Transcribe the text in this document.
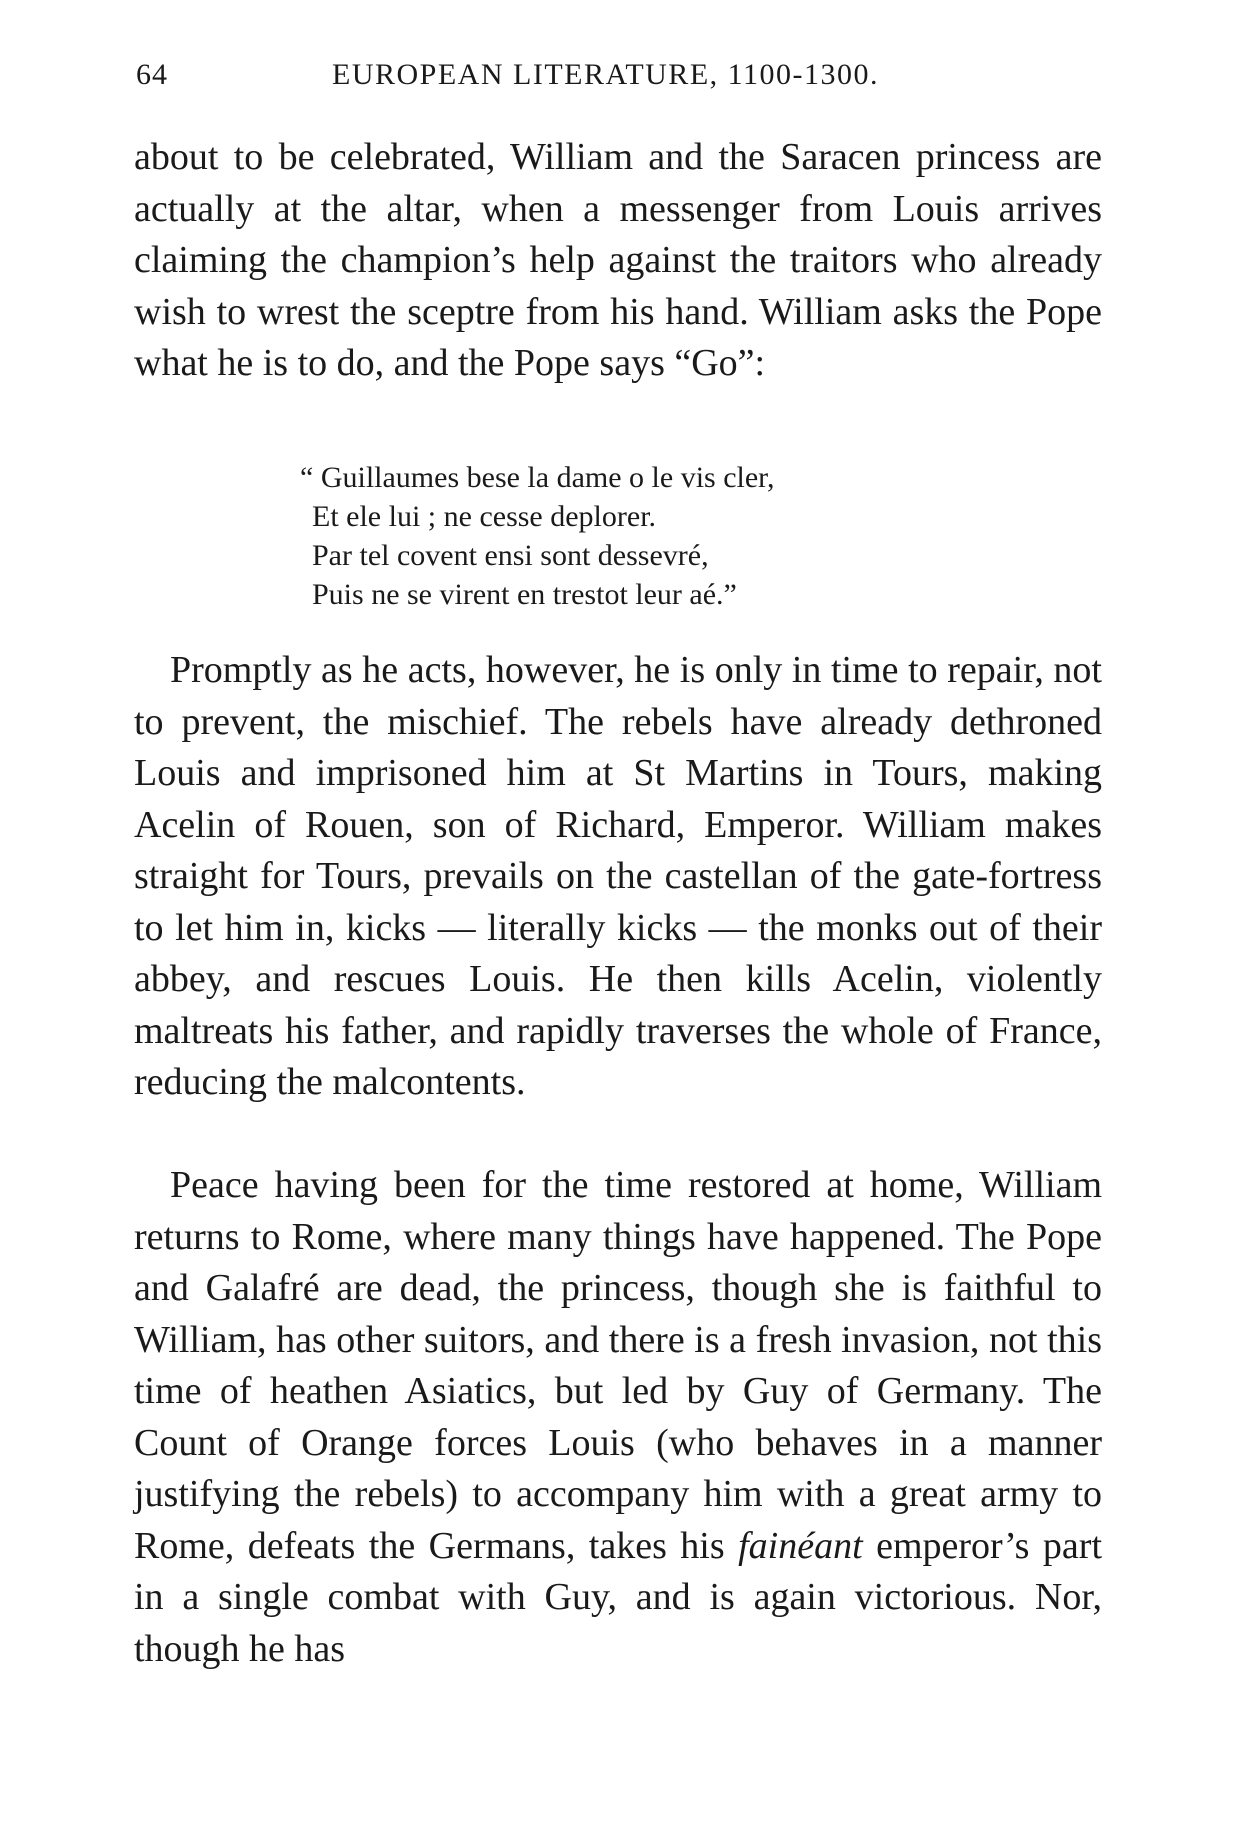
64	EUROPEAN LITERATURE, 1100-1300.

about to be celebrated, William and the Saracen princess are actually at the altar, when a messenger from Louis arrives claiming the champion’s help against the traitors who already wish to wrest the sceptre from his hand. William asks the Pope what he is to do, and the Pope says “Go”:

“ Guillaumes bese la dame o le vis cler,
Et ele lui ; ne cesse deplorer.
Par tel covent ensi sont dessevré,
Puis ne se virent en trestot leur aé.”

Promptly as he acts, however, he is only in time to repair, not to prevent, the mischief. The rebels have already dethroned Louis and imprisoned him at St Martins in Tours, making Acelin of Rouen, son of Richard, Emperor. William makes straight for Tours, prevails on the castellan of the gate-fortress to let him in, kicks — literally kicks — the monks out of their abbey, and rescues Louis. He then kills Acelin, violently maltreats his father, and rapidly traverses the whole of France, reducing the malcontents.

Peace having been for the time restored at home, William returns to Rome, where many things have happened. The Pope and Galafré are dead, the princess, though she is faithful to William, has other suitors, and there is a fresh invasion, not this time of heathen Asiatics, but led by Guy of Germany. The Count of Orange forces Louis (who behaves in a manner justifying the rebels) to accompany him with a great army to Rome, defeats the Germans, takes his fainéant emperor’s part in a single combat with Guy, and is again victorious. Nor, though he has
